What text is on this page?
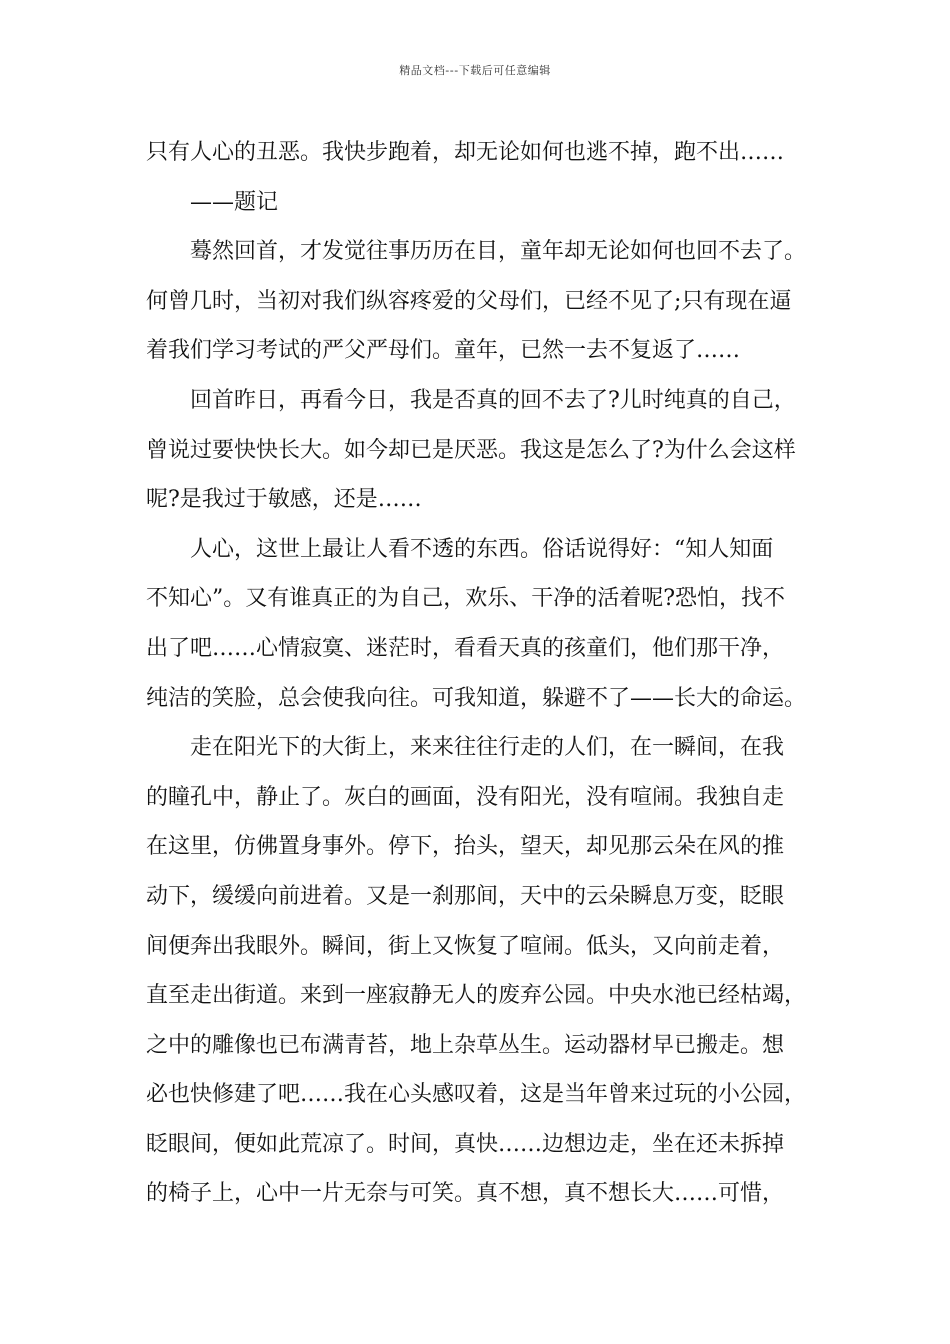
精品文档---下载后可任意编辑
只有人心的丑恶。我快步跑着，却无论如何也逃不掉，跑不出……
——题记
蓦然回首，才发觉往事历历在目，童年却无论如何也回不去了。
何曾几时，当初对我们纵容疼爱的父母们，已经不见了;只有现在逼
着我们学习考试的严父严母们。童年，已然一去不复返了……
回首昨日，再看今日，我是否真的回不去了?儿时纯真的自己，
曾说过要快快长大。如今却已是厌恶。我这是怎么了?为什么会这样
呢?是我过于敏感，还是……
人心，这世上最让人看不透的东西。俗话说得好：“知人知面
不知心”。又有谁真正的为自己，欢乐、干净的活着呢?恐怕，找不
出了吧……心情寂寞、迷茫时，看看天真的孩童们，他们那干净，
纯洁的笑脸，总会使我向往。可我知道，躲避不了——长大的命运。
走在阳光下的大街上，来来往往行走的人们，在一瞬间，在我
的瞳孔中，静止了。灰白的画面，没有阳光，没有喧闹。我独自走
在这里，仿佛置身事外。停下，抬头，望天，却见那云朵在风的推
动下，缓缓向前进着。又是一刹那间，天中的云朵瞬息万变，眨眼
间便奔出我眼外。瞬间，街上又恢复了喧闹。低头，又向前走着，
直至走出街道。来到一座寂静无人的废弃公园。中央水池已经枯竭，
之中的雕像也已布满青苔，地上杂草丛生。运动器材早已搬走。想
必也快修建了吧……我在心头感叹着，这是当年曾来过玩的小公园，
眨眼间，便如此荒凉了。时间，真快……边想边走，坐在还未拆掉
的椅子上，心中一片无奈与可笑。真不想，真不想长大……可惜，
